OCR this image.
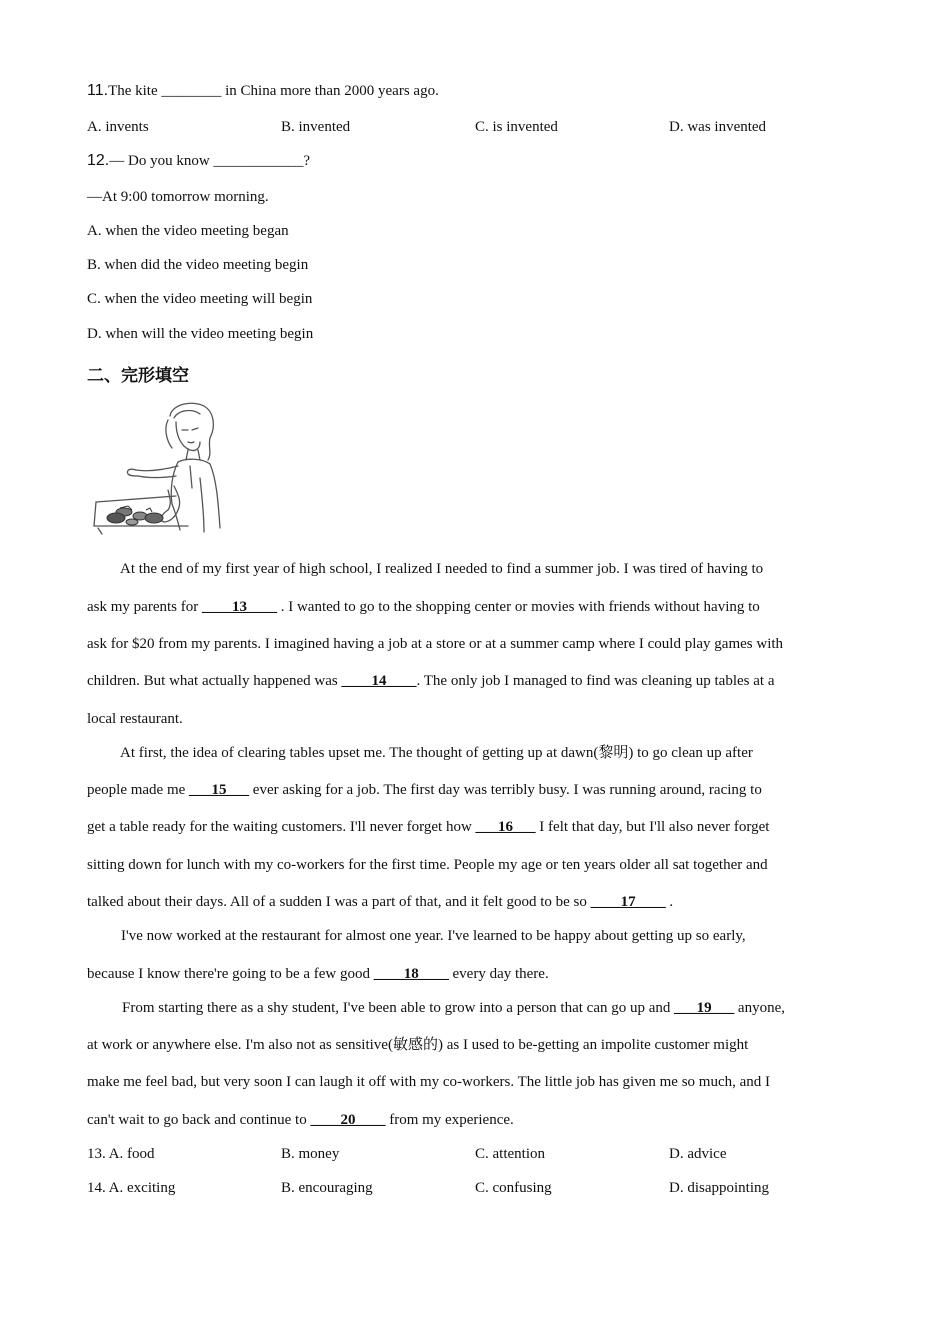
11.The kite ________ in China more than 2000 years ago.
A. invents	B. invented	C. is invented	D. was invented
12.— Do you know ____________?
—At 9:00 tomorrow morning.
A. when the video meeting began
B. when did the video meeting begin
C. when the video meeting will begin
D. when will the video meeting begin
二、完形填空
At the end of my first year of high school, I realized I needed to find a summer job. I was tired of having to
ask my parents for ____13____ . I wanted to go to the shopping center or movies with friends without having to
ask for $20 from my parents. I imagined having a job at a store or at a summer camp where I could play games with
children. But what actually happened was ____14____. The only job I managed to find was cleaning up tables at a
local restaurant.
At first, the idea of clearing tables upset me. The thought of getting up at dawn(黎明) to go clean up after
people made me ___15___ ever asking for a job. The first day was terribly busy. I was running around, racing to
get a table ready for the waiting customers. I'll never forget how ___16___ I felt that day, but I'll also never forget
sitting down for lunch with my co-workers for the first time. People my age or ten years older all sat together and
talked about their days. All of a sudden I was a part of that, and it felt good to be so ____17____ .
I've now worked at the restaurant for almost one year. I've learned to be happy about getting up so early,
because I know there're going to be a few good ____18____ every day there.
From starting there as a shy student, I've been able to grow into a person that can go up and ___19___ anyone,
at work or anywhere else. I'm also not as sensitive(敏感的) as I used to be-getting an impolite customer might
make me feel bad, but very soon I can laugh it off with my co-workers. The little job has given me so much, and I
can't wait to go back and continue to ____20____ from my experience.
13. A. food	B. money	C. attention	D. advice
14. A. exciting	B. encouraging	C. confusing	D. disappointing
